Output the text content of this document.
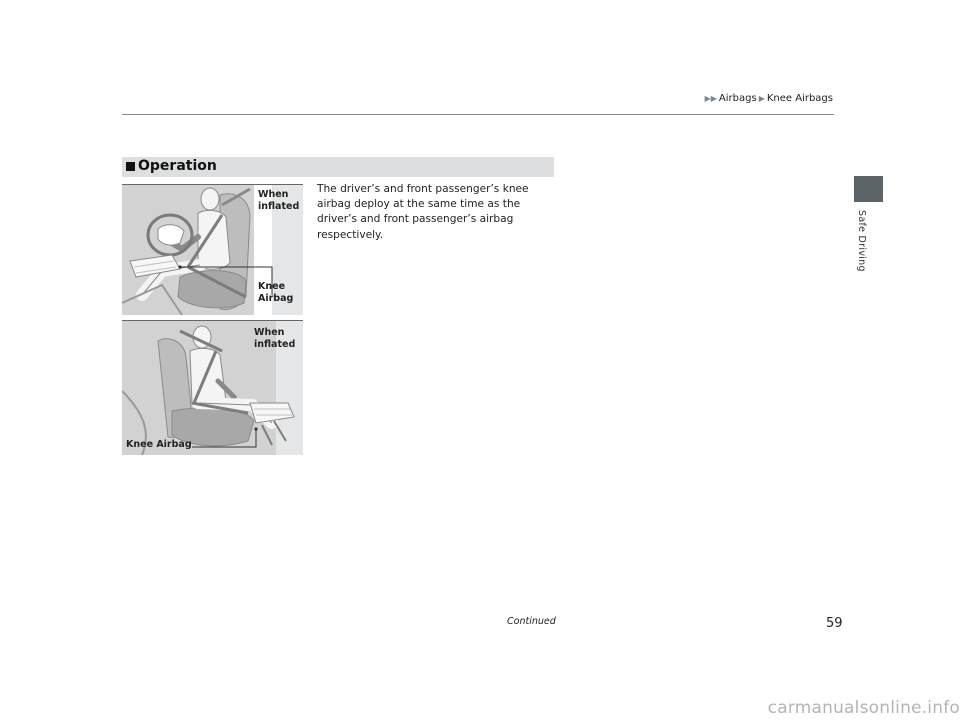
▶▶ Airbags ▶ Knee Airbags
Safe Driving
Operation
The driver’s and front passenger’s knee airbag deploy at the same time as the driver’s and front passenger’s airbag respectively.
When
inflated
Knee
Airbag
When
inflated
Knee Airbag
Continued	59
carmanualsonline.info
